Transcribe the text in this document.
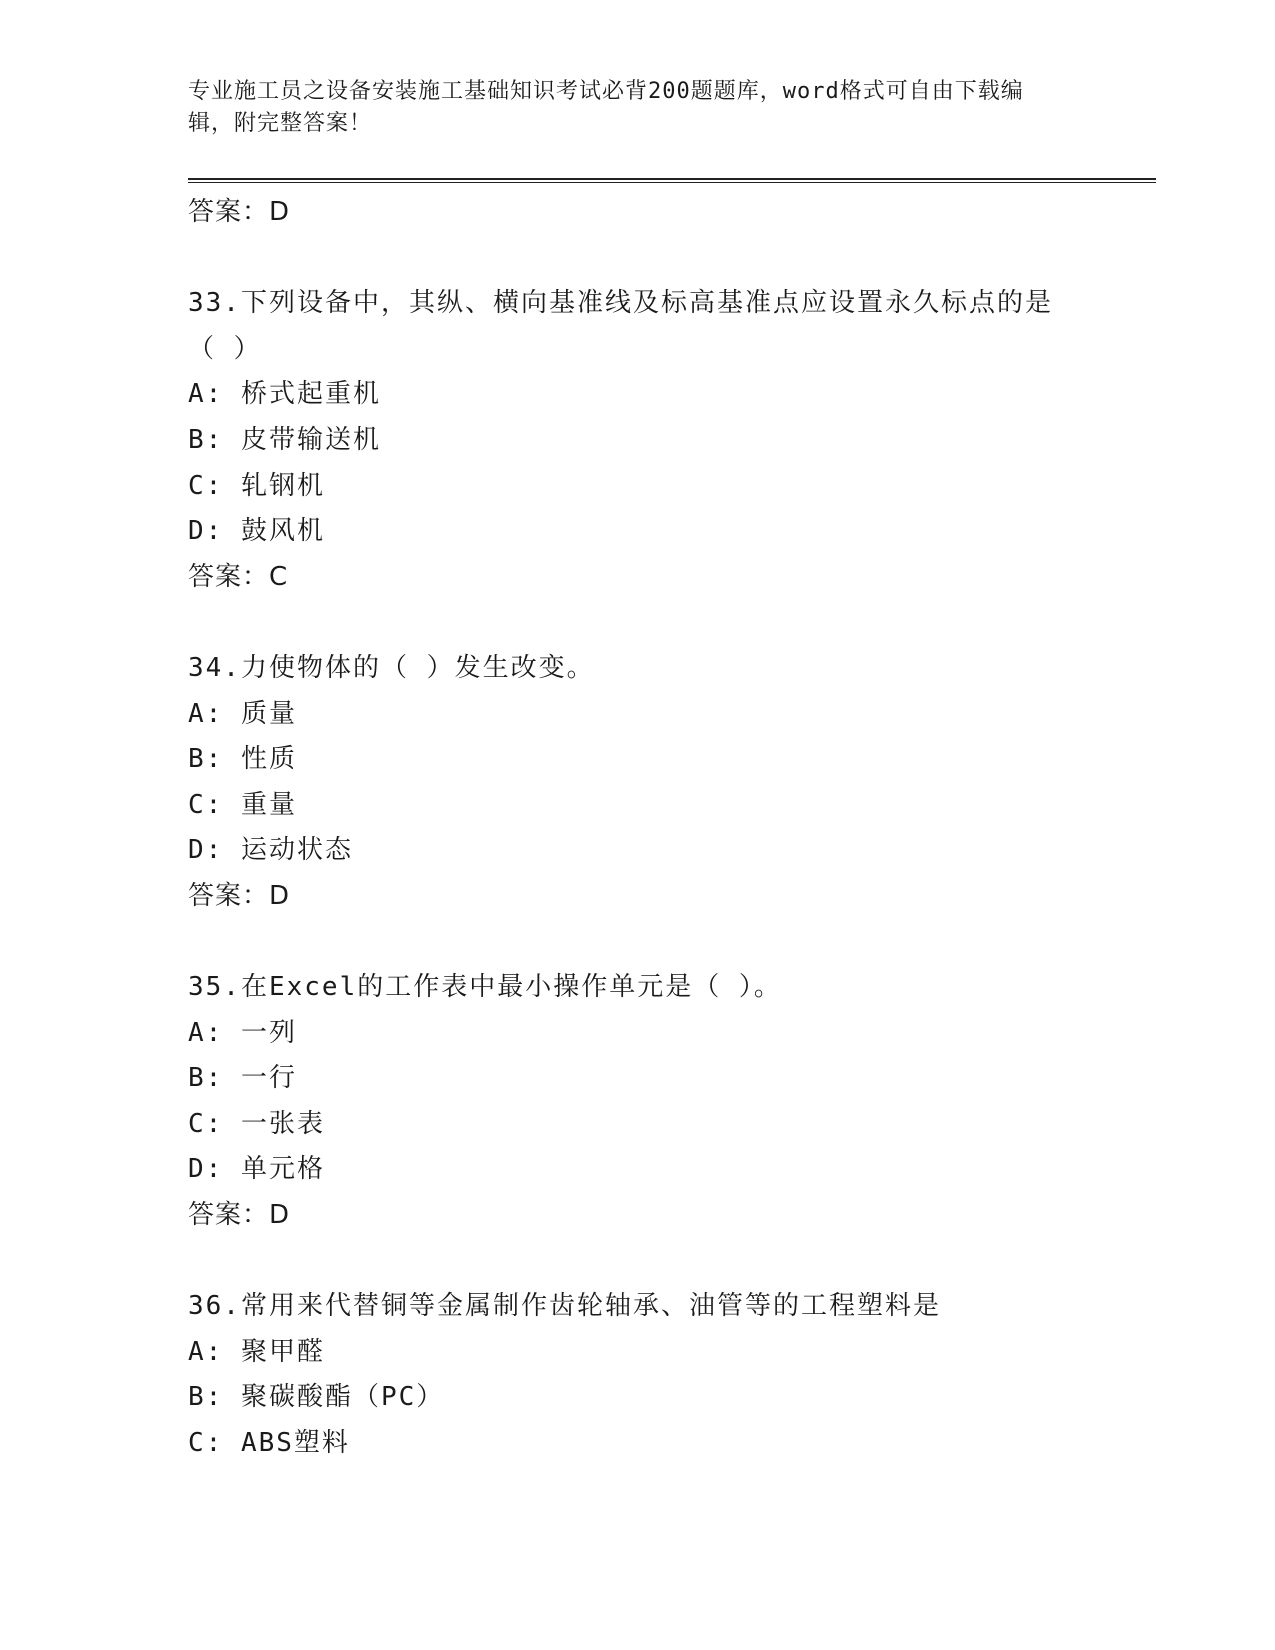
专业施工员之设备安装施工基础知识考试必背200题题库，word格式可自由下载编辑，附完整答案！
答案：D
33.下列设备中，其纵、横向基准线及标高基准点应设置永久标点的是
（ ）
A: 桥式起重机
B: 皮带输送机
C: 轧钢机
D: 鼓风机
答案：C
34.力使物体的（ ）发生改变。
A: 质量
B: 性质
C: 重量
D: 运动状态
答案：D
35.在Excel的工作表中最小操作单元是（ ）。
A: 一列
B: 一行
C: 一张表
D: 单元格
答案：D
36.常用来代替铜等金属制作齿轮轴承、油管等的工程塑料是
A: 聚甲醛
B: 聚碳酸酯（PC）
C: ABS塑料
